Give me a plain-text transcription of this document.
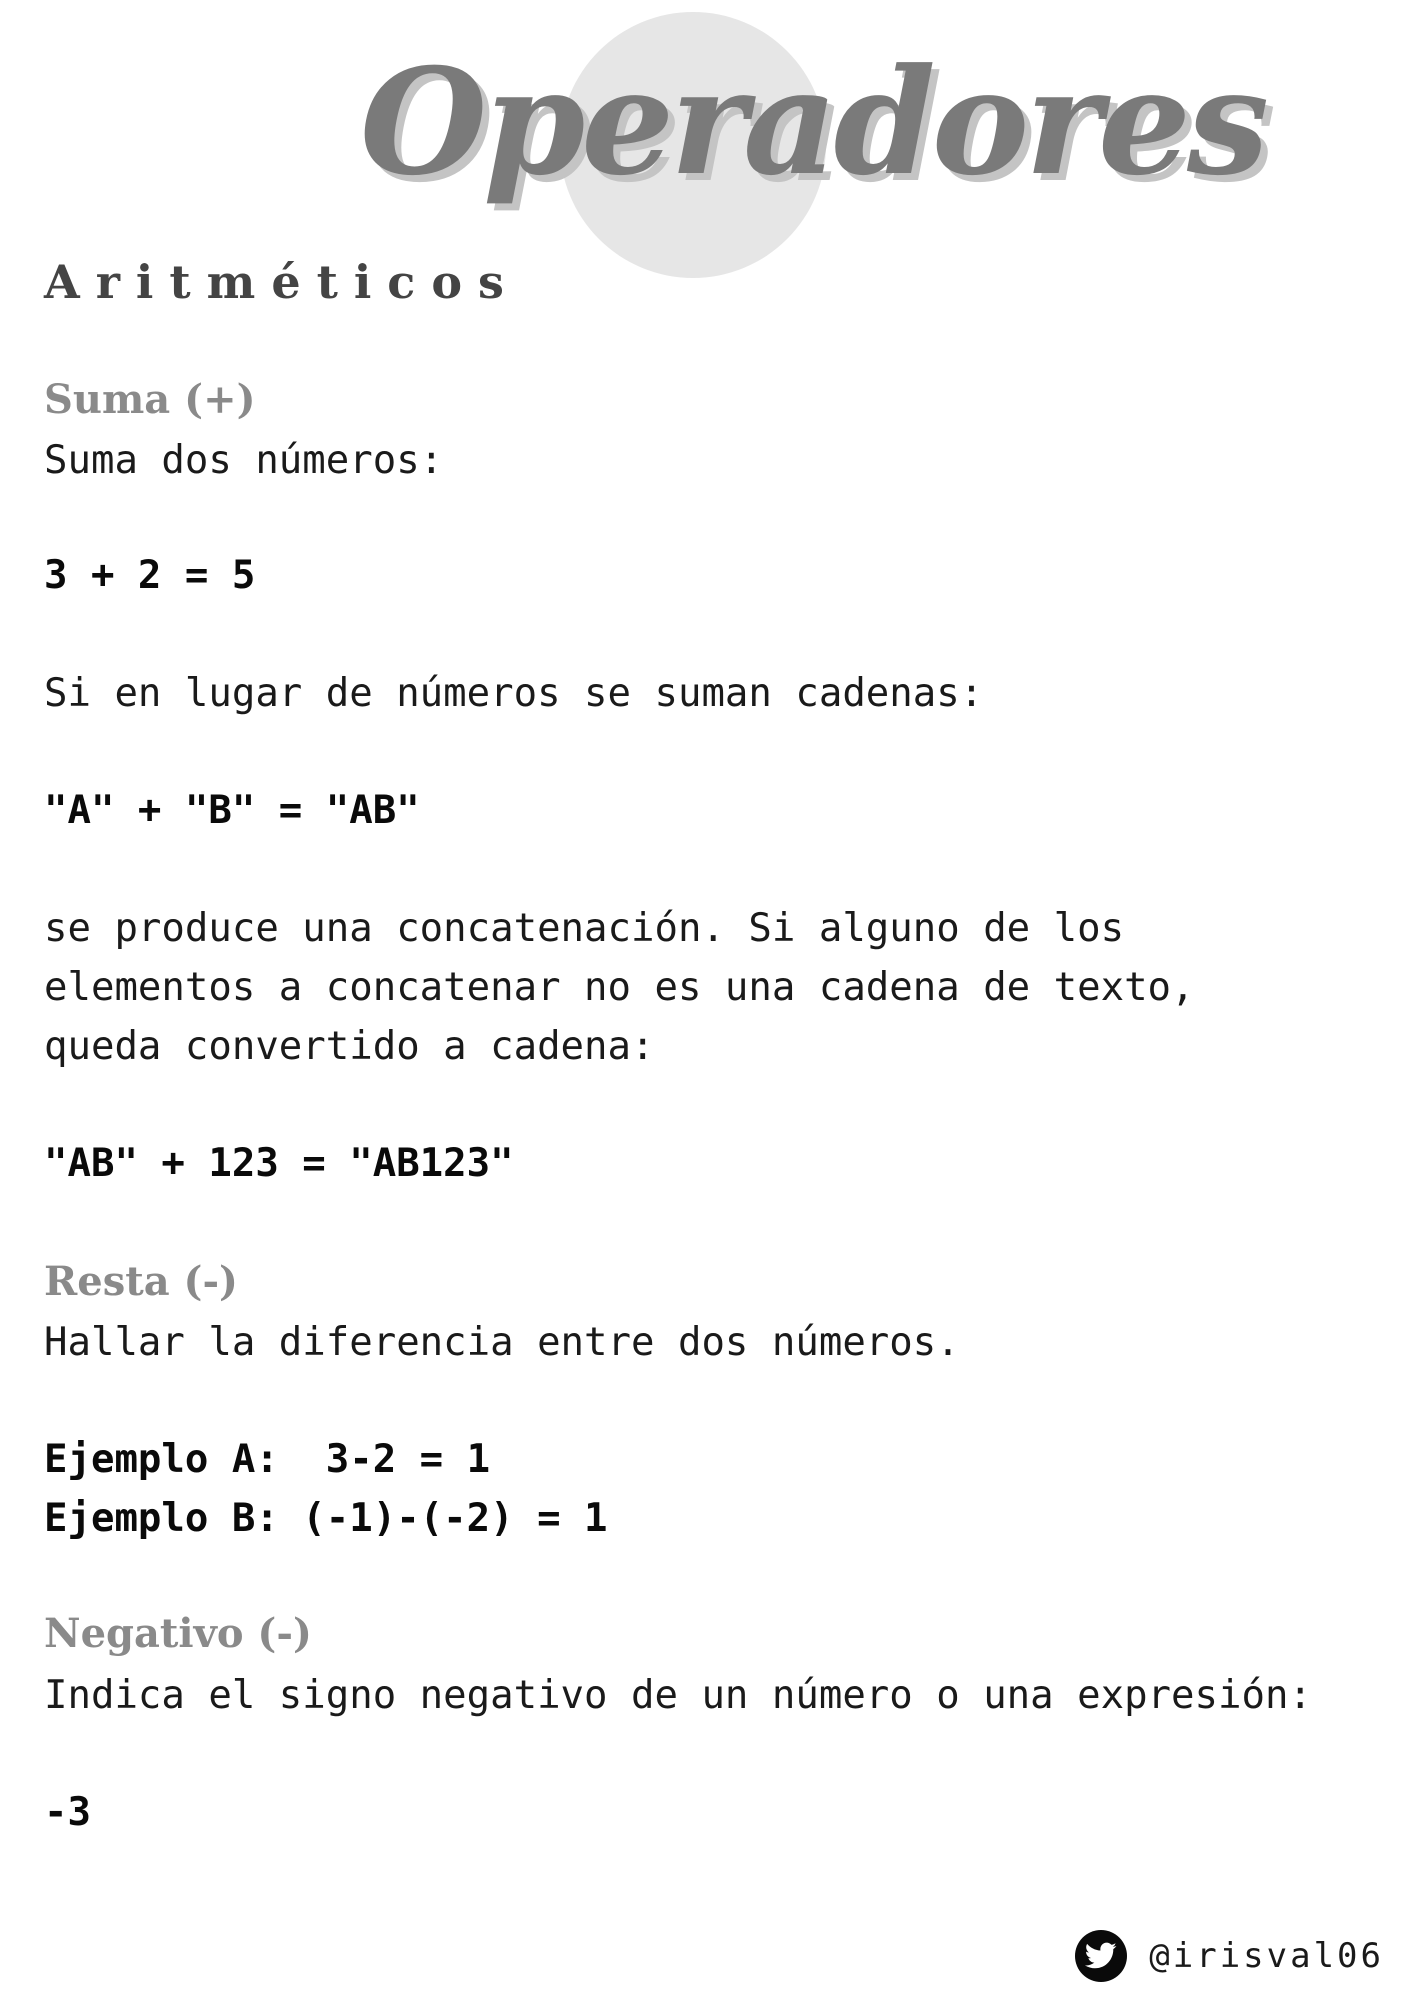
Operadores
Aritméticos
Suma (+)
Suma dos números:
3 + 2 = 5
Si en lugar de números se suman cadenas:
"A" + "B" = "AB"
se produce una concatenación. Si alguno de los
elementos a concatenar no es una cadena de texto,
queda convertido a cadena:
"AB" + 123 = "AB123"
Resta (-)
Hallar la diferencia entre dos números.
Ejemplo A:  3-2 = 1
Ejemplo B: (-1)-(-2) = 1
Negativo (-)
Indica el signo negativo de un número o una expresión:
-3
@irisval06
